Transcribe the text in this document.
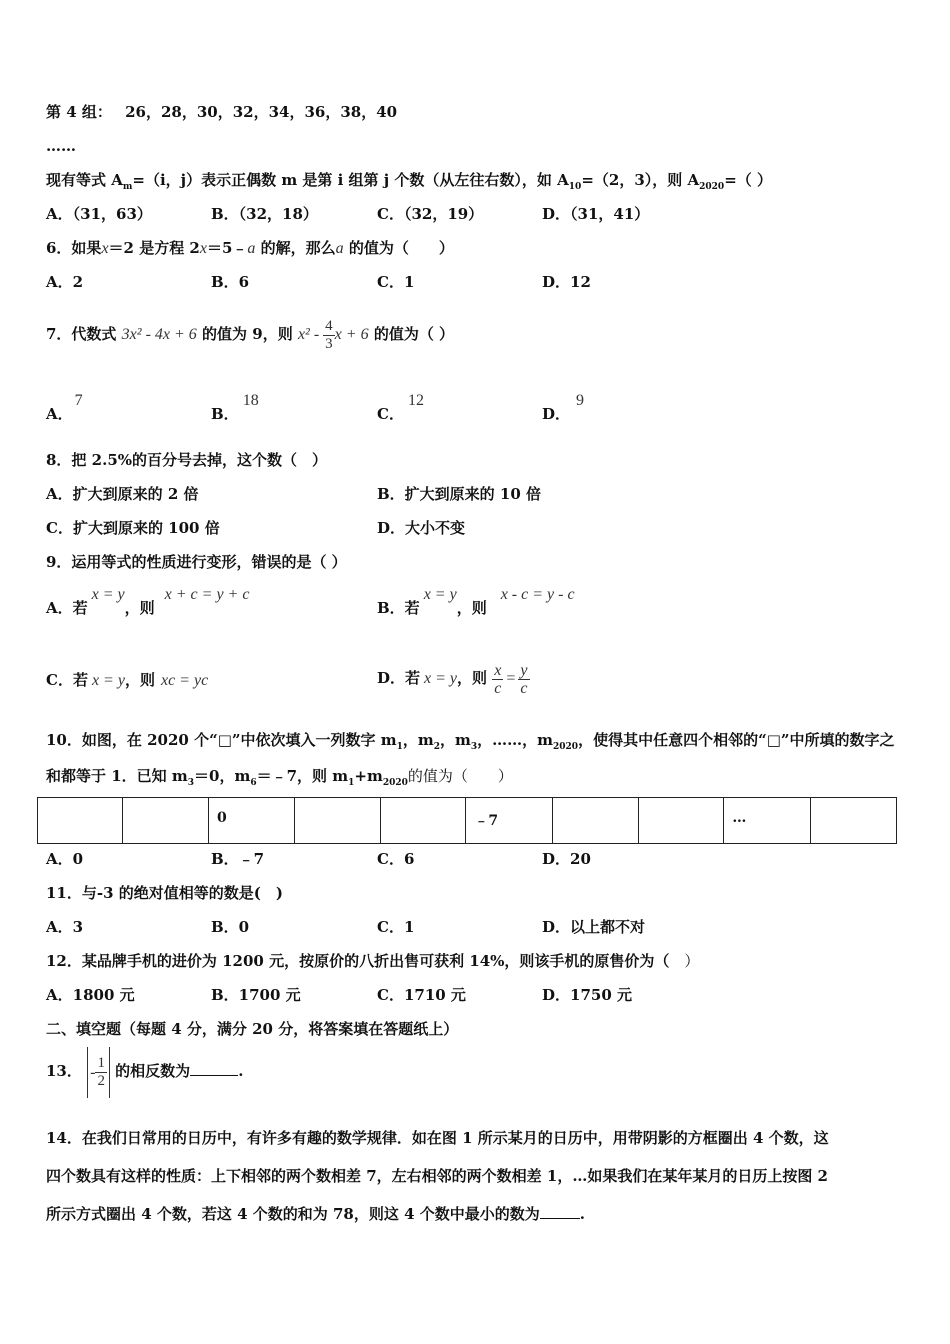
第 4 组： 26，28，30，32，34，36，38，40
……
现有等式 $A_m=(i$，j）表示正偶数 m 是第 i 组第 j 个数（从左往右数），如 $A_{10}=(2$，3），则 $A_{2020}=$（ ）
A．（31，63）	B．（32，18）	C．（32，19）	D．（31，41）
6．如果x＝2 是方程 2x＝5﹣a 的解，那么a 的值为（　　）
A．2	B．6	C．1	D．12
7．代数式 3x² - 4x + 6 的值为 9，则 $x^2 - \frac{4}{3}$ x + 6 的值为（ ）
A．7
B．18
C．12
D．9
8．把 2.5%的百分号去掉，这个数（　）
A．扩大到原来的 2 倍	B．扩大到原来的 10 倍
C．扩大到原来的 100 倍	D．大小不变
9．运用等式的性质进行变形，错误的是（ ）
A．若x = y，则x + c = y + c
B．若x = y，则x - c = y - c
C．若 x = y，则 xc = yc	D．若 x = y，则 $\frac{x}{c} = \frac{y}{c}$
10．如图，在 2020 个“□”中依次填入一列数字 $m_1$，$m_2$，$m_3$，……，$m_{2020}$，使得其中任意四个相邻的“□”中所填的数字之
和都等于 1．已知 $m_3=0$，$m_6=﹣7$，则 $m_1+m_{2020}$的值为（　　）
		0			﹣7			…	
A．0	B．﹣7	C．6	D．20
11．与-3 的绝对值相等的数是(　)
A．3	B．0	C．1	D．以上都不对
12．某品牌手机的进价为 1200 元，按原价的八折出售可获利 14%，则该手机的原售价为（　）
A．1800 元	B．1700 元	C．1710 元	D．1750 元
二、填空题（每题 4 分，满分 20 分，将答案填在答题纸上）
13． - $\frac{1}{2}$ 的相反数为	.
14．在我们日常用的日历中，有许多有趣的数学规律．如在图 1 所示某月的日历中，用带阴影的方框圈出 4 个数，这
四个数具有这样的性质：上下相邻的两个数相差 7，左右相邻的两个数相差 1，…如果我们在某年某月的日历上按图 2
所示方式圈出 4 个数，若这 4 个数的和为 78，则这 4 个数中最小的数为	.
